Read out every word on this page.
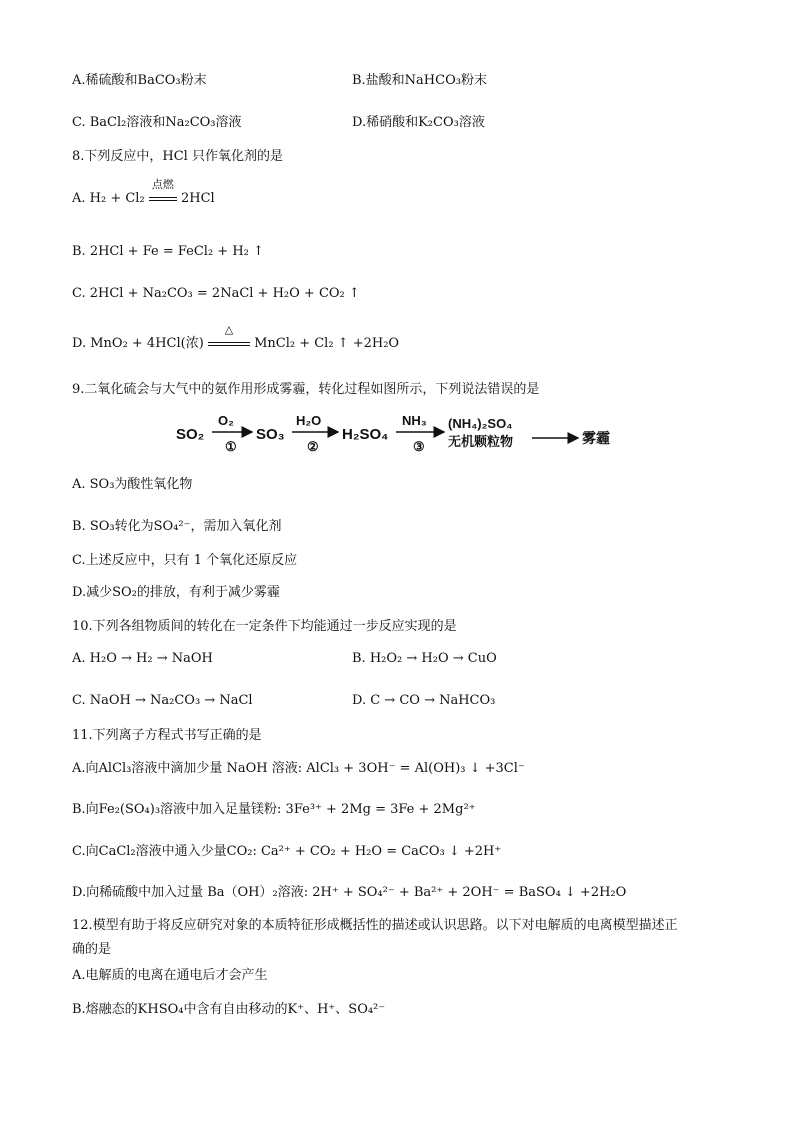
A.稀硫酸和BaCO₃粉末	B.盐酸和NaHCO₃粉末
C. BaCl₂溶液和Na₂CO₃溶液	D.稀硝酸和K₂CO₃溶液
8.下列反应中，HCl 只作氧化剂的是
A. H₂ + Cl₂
点燃
2HCl
B. 2HCl + Fe = FeCl₂ + H₂ ↑
C. 2HCl + Na₂CO₃ = 2NaCl + H₂O + CO₂ ↑
D. MnO₂ + 4HCl(浓)
△
MnCl₂ + Cl₂ ↑ +2H₂O
9.二氧化硫会与大气中的氨作用形成雾霾，转化过程如图所示，下列说法错误的是
SO₂
O₂
①
SO₃
H₂O
②
H₂SO₄
NH₃
③
(NH₄)₂SO₄
无机颗粒物	雾霾
A. SO₃为酸性氧化物
B. SO₃转化为SO₄²⁻，需加入氧化剂
C.上述反应中，只有 1 个氧化还原反应
D.减少SO₂的排放，有利于减少雾霾
10.下列各组物质间的转化在一定条件下均能通过一步反应实现的是
A. H₂O → H₂ → NaOH	B. H₂O₂ → H₂O → CuO
C. NaOH → Na₂CO₃ → NaCl	D. C → CO → NaHCO₃
11.下列离子方程式书写正确的是
A.向AlCl₃溶液中滴加少量 NaOH 溶液: AlCl₃ + 3OH⁻ = Al(OH)₃ ↓ +3Cl⁻
B.向Fe₂(SO₄)₃溶液中加入足量镁粉: 3Fe³⁺ + 2Mg = 3Fe + 2Mg²⁺
C.向CaCl₂溶液中通入少量CO₂: Ca²⁺ + CO₂ + H₂O = CaCO₃ ↓ +2H⁺
D.向稀硫酸中加入过量 Ba（OH）₂溶液: 2H⁺ + SO₄²⁻ + Ba²⁺ + 2OH⁻ = BaSO₄ ↓ +2H₂O
12.模型有助于将反应研究对象的本质特征形成概括性的描述或认识思路。以下对电解质的电离模型描述正
确的是
A.电解质的电离在通电后才会产生
B.熔融态的KHSO₄中含有自由移动的K⁺、H⁺、SO₄²⁻
